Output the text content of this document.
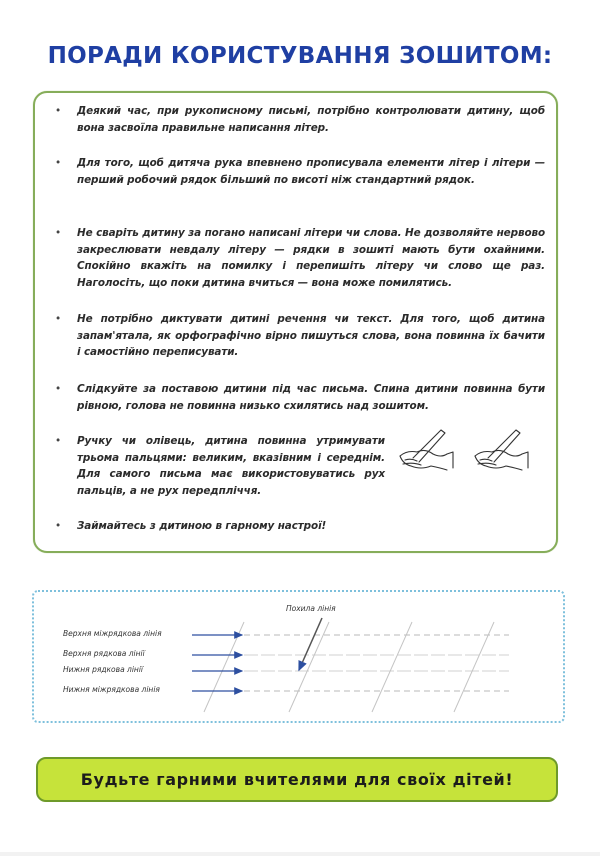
ПОРАДИ КОРИСТУВАННЯ ЗОШИТОМ:
•	Деякий час, при рукописному письмі, потрібно контролювати дитину, щоб вона засвоїла правильне написання літер.
•	Для того, щоб дитяча рука впевнено прописувала елементи літер і літери —перший робочий рядок більший по висоті ніж стандартний рядок.
•	Не сваріть дитину за погано написані літери чи слова. Не дозволяйте нервово закреслювати невдалу літеру — рядки в зошиті мають бути охайними. Спокійно вкажіть на помилку і перепишіть літеру чи слово ще раз. Наголосіть, що поки дитина вчиться — вона може помилятись.
•	Не потрібно диктувати дитині речення чи текст. Для того, щоб дитина запам'ятала, як орфографічно вірно пишуться слова, вона повинна їх бачити і самостійно переписувати.
•	Слідкуйте за поставою дитини під час письма. Спина дитини повинна бути рівною, голова не повинна низько схилятись над зошитом.
•	Ручку чи олівець, дитина повинна утримувати трьома пальцями: великим, вказівним і середнім. Для самого письма має використовуватись рух пальців, а не рух передпліччя.
•	Займайтесь з дитиною в гарному настрої!
Похила лінія
Верхня міжрядкова лінія
Верхня рядкова лінії
Нижня рядкова лінії
Нижня міжрядкова лінія
Будьте гарними вчителями для своїх дітей!
